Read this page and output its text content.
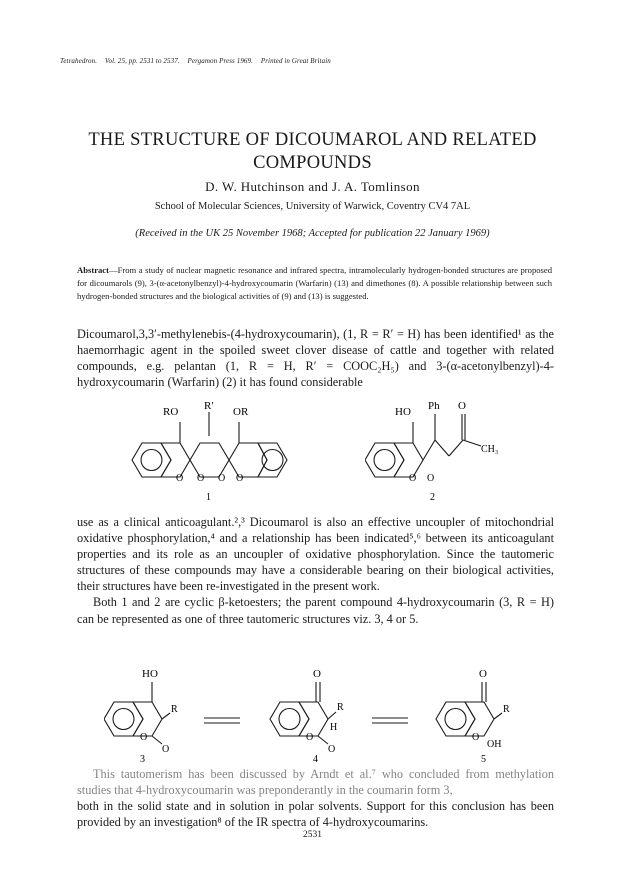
Tetrahedron. Vol. 25, pp. 2531 to 2537. Pergamon Press 1969. Printed in Great Britain
THE STRUCTURE OF DICOUMAROL AND RELATED
COMPOUNDS
D. W. Hutchinson and J. A. Tomlinson
School of Molecular Sciences, University of Warwick, Coventry CV4 7AL
(Received in the UK 25 November 1968; Accepted for publication 22 January 1969)
Abstract—From a study of nuclear magnetic resonance and infrared spectra, intramolecularly hydrogen-bonded structures are proposed for dicoumarols (9), 3-(α-acetonylbenzyl)-4-hydroxycoumarin (Warfarin) (13) and dimethones (8). A possible relationship between such hydrogen-bonded structures and the biological activities of (9) and (13) is suggested.

Dicoumarol,3,3′-methylenebis-(4-hydroxycoumarin), (1, R = R′ = H) has been identified¹ as the haemorrhagic agent in the spoiled sweet clover disease of cattle and together with related compounds, e.g. pelantan (1, R = H, R′ = COOC₂H₅) and 3-(α-acetonylbenzyl)-4-hydroxycoumarin (Warfarin) (2) it has found considerable

RO R′ OR
O O O O
1
HO Ph O
CH₃
O O
2

use as a clinical anticoagulant.²,³ Dicoumarol is also an effective uncoupler of mitochondrial oxidative phosphorylation,⁴ and a relationship has been indicated⁵,⁶ between its anticoagulant properties and its role as an uncoupler of oxidative phosphorylation. Since the tautomeric structures of these compounds may have a considerable bearing on their biological activities, their structures have been re-investigated in the present work.

Both 1 and 2 are cyclic β-ketoesters; the parent compound 4-hydroxycoumarin (3, R = H) can be represented as one of three tautomeric structures viz. 3, 4 or 5.

HO
R
O
O
3
O
R
H
O
O
4
O
R
O
OH
5

This tautomerism has been discussed by Arndt et al.⁷ who concluded from methylation studies that 4-hydroxycoumarin was preponderantly in the coumarin form 3,

both in the solid state and in solution in polar solvents. Support for this conclusion has been provided by an investigation⁸ of the IR spectra of 4-hydroxycoumarins.

2531
